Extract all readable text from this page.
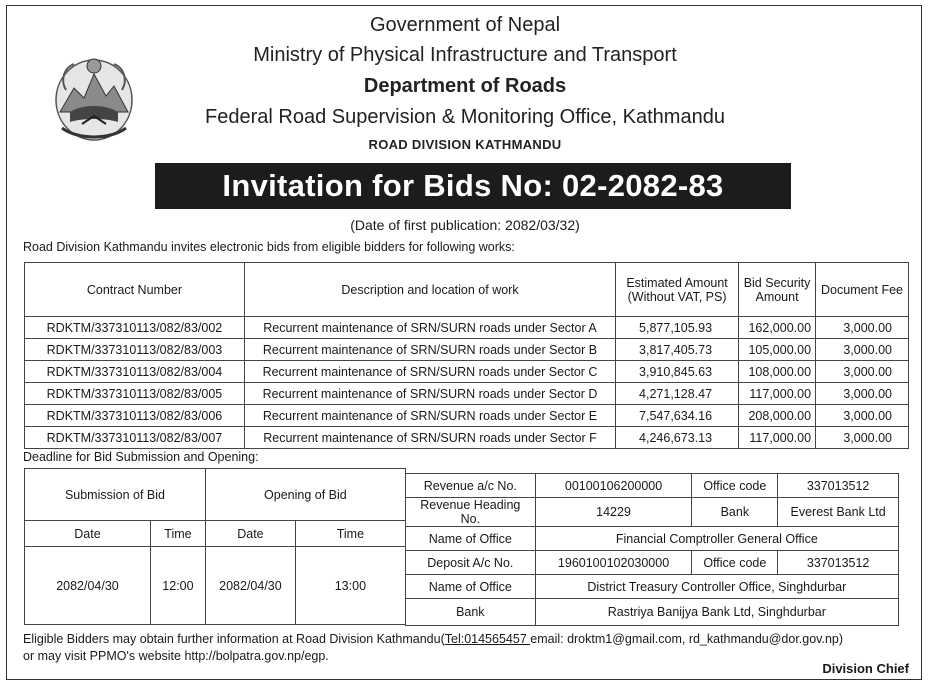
Government of Nepal
Ministry of Physical Infrastructure and Transport
Department of Roads
Federal Road Supervision & Monitoring Office, Kathmandu
ROAD DIVISION KATHMANDU
Invitation for Bids No: 02-2082-83
(Date of first publication: 2082/03/32)
Road Division Kathmandu invites electronic bids from eligible bidders for following works:
Contract Number	Description and location of work	Estimated Amount (Without VAT, PS)	Bid Security Amount	Document Fee
RDKTM/337310113/082/83/002	Recurrent maintenance of SRN/SURN roads under Sector A	5,877,105.93	162,000.00	3,000.00
RDKTM/337310113/082/83/003	Recurrent maintenance of SRN/SURN roads under Sector B	3,817,405.73	105,000.00	3,000.00
RDKTM/337310113/082/83/004	Recurrent maintenance of SRN/SURN roads under Sector C	3,910,845.63	108,000.00	3,000.00
RDKTM/337310113/082/83/005	Recurrent maintenance of SRN/SURN roads under Sector D	4,271,128.47	117,000.00	3,000.00
RDKTM/337310113/082/83/006	Recurrent maintenance of SRN/SURN roads under Sector E	7,547,634.16	208,000.00	3,000.00
RDKTM/337310113/082/83/007	Recurrent maintenance of SRN/SURN roads under Sector F	4,246,673.13	117,000.00	3,000.00
Deadline for Bid Submission and Opening:
Submission of Bid		Opening of Bid		
Date	Time	Date	Time	
2082/04/30	12:00	2082/04/30	13:00	
Revenue a/c No.	00100106200000	Office code	337013512
Revenue Heading No.	14229	Bank	Everest Bank Ltd
Name of Office	Financial Comptroller General Office		
Deposit A/c No.	1960100102030000	Office code	337013512
Name of Office	District Treasury Controller Office, Singhdurbar		
Bank	Rastriya Banijya Bank Ltd, Singhdurbar		
Eligible Bidders may obtain further information at Road Division Kathmandu(Tel:014565457 email: droktm1@gmail.com, rd_kathmandu@dor.gov.np)
or may visit PPMO's website http://bolpatra.gov.np/egp.
Division Chief
